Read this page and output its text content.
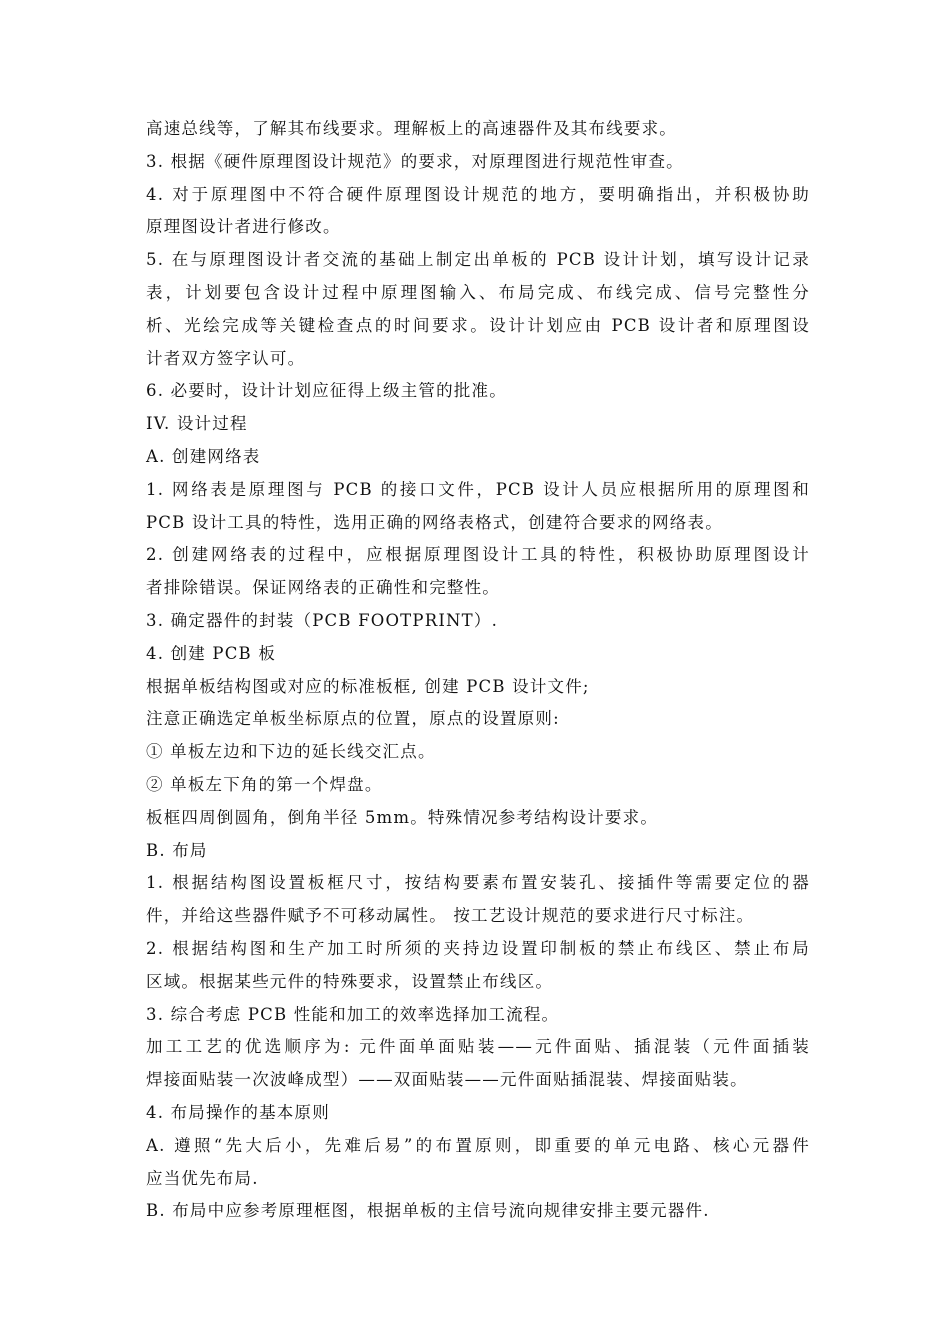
高速总线等，了解其布线要求。理解板上的高速器件及其布线要求。
3. 根据《硬件原理图设计规范》的要求，对原理图进行规范性审查。
4. 对于原理图中不符合硬件原理图设计规范的地方，要明确指出，并积极协助
原理图设计者进行修改。
5. 在与原理图设计者交流的基础上制定出单板的 PCB 设计计划，填写设计记录
表，计划要包含设计过程中原理图输入、布局完成、布线完成、信号完整性分
析、光绘完成等关键检查点的时间要求。设计计划应由 PCB 设计者和原理图设
计者双方签字认可。
6. 必要时，设计计划应征得上级主管的批准。
IV. 设计过程
A. 创建网络表
1. 网络表是原理图与 PCB 的接口文件，PCB 设计人员应根据所用的原理图和
PCB 设计工具的特性，选用正确的网络表格式，创建符合要求的网络表。
2. 创建网络表的过程中，应根据原理图设计工具的特性，积极协助原理图设计
者排除错误。保证网络表的正确性和完整性。
3. 确定器件的封装（PCB FOOTPRINT）.
4. 创建 PCB 板
根据单板结构图或对应的标准板框, 创建 PCB 设计文件;
注意正确选定单板坐标原点的位置，原点的设置原则:
① 单板左边和下边的延长线交汇点。
② 单板左下角的第一个焊盘。
板框四周倒圆角，倒角半径 5mm。特殊情况参考结构设计要求。
B. 布局
1. 根据结构图设置板框尺寸，按结构要素布置安装孔、接插件等需要定位的器
件，并给这些器件赋予不可移动属性。 按工艺设计规范的要求进行尺寸标注。
2. 根据结构图和生产加工时所须的夹持边设置印制板的禁止布线区、禁止布局
区域。根据某些元件的特殊要求，设置禁止布线区。
3. 综合考虑 PCB 性能和加工的效率选择加工流程。
加工工艺的优选顺序为: 元件面单面贴装——元件面贴、插混装（元件面插装
焊接面贴装一次波峰成型）——双面贴装——元件面贴插混装、焊接面贴装。
4. 布局操作的基本原则
A. 遵照“先大后小，先难后易”的布置原则，即重要的单元电路、核心元器件
应当优先布局.
B. 布局中应参考原理框图，根据单板的主信号流向规律安排主要元器件.
